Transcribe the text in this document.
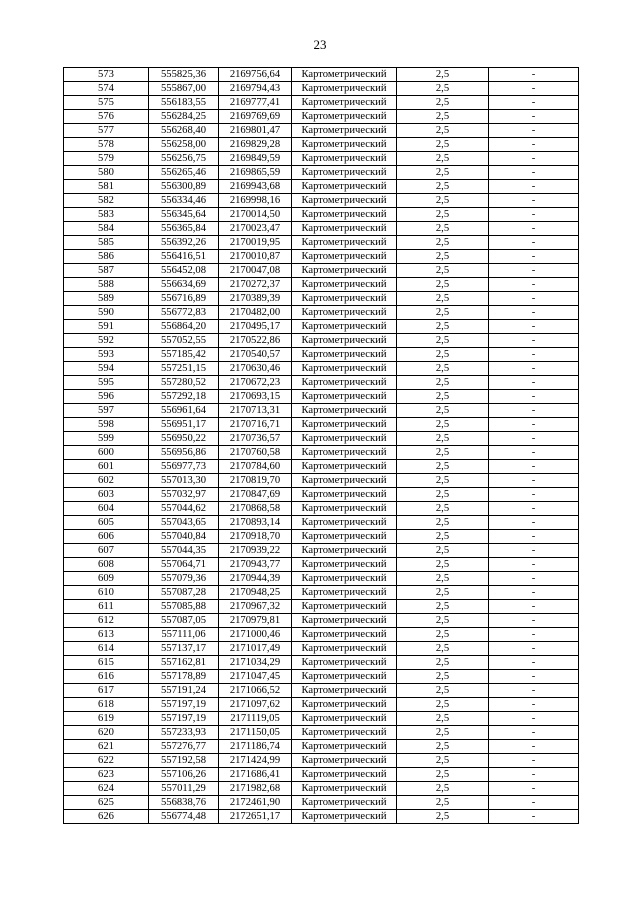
23
573	555825,36	2169756,64	Картометрический	2,5	-
574	555867,00	2169794,43	Картометрический	2,5	-
575	556183,55	2169777,41	Картометрический	2,5	-
576	556284,25	2169769,69	Картометрический	2,5	-
577	556268,40	2169801,47	Картометрический	2,5	-
578	556258,00	2169829,28	Картометрический	2,5	-
579	556256,75	2169849,59	Картометрический	2,5	-
580	556265,46	2169865,59	Картометрический	2,5	-
581	556300,89	2169943,68	Картометрический	2,5	-
582	556334,46	2169998,16	Картометрический	2,5	-
583	556345,64	2170014,50	Картометрический	2,5	-
584	556365,84	2170023,47	Картометрический	2,5	-
585	556392,26	2170019,95	Картометрический	2,5	-
586	556416,51	2170010,87	Картометрический	2,5	-
587	556452,08	2170047,08	Картометрический	2,5	-
588	556634,69	2170272,37	Картометрический	2,5	-
589	556716,89	2170389,39	Картометрический	2,5	-
590	556772,83	2170482,00	Картометрический	2,5	-
591	556864,20	2170495,17	Картометрический	2,5	-
592	557052,55	2170522,86	Картометрический	2,5	-
593	557185,42	2170540,57	Картометрический	2,5	-
594	557251,15	2170630,46	Картометрический	2,5	-
595	557280,52	2170672,23	Картометрический	2,5	-
596	557292,18	2170693,15	Картометрический	2,5	-
597	556961,64	2170713,31	Картометрический	2,5	-
598	556951,17	2170716,71	Картометрический	2,5	-
599	556950,22	2170736,57	Картометрический	2,5	-
600	556956,86	2170760,58	Картометрический	2,5	-
601	556977,73	2170784,60	Картометрический	2,5	-
602	557013,30	2170819,70	Картометрический	2,5	-
603	557032,97	2170847,69	Картометрический	2,5	-
604	557044,62	2170868,58	Картометрический	2,5	-
605	557043,65	2170893,14	Картометрический	2,5	-
606	557040,84	2170918,70	Картометрический	2,5	-
607	557044,35	2170939,22	Картометрический	2,5	-
608	557064,71	2170943,77	Картометрический	2,5	-
609	557079,36	2170944,39	Картометрический	2,5	-
610	557087,28	2170948,25	Картометрический	2,5	-
611	557085,88	2170967,32	Картометрический	2,5	-
612	557087,05	2170979,81	Картометрический	2,5	-
613	557111,06	2171000,46	Картометрический	2,5	-
614	557137,17	2171017,49	Картометрический	2,5	-
615	557162,81	2171034,29	Картометрический	2,5	-
616	557178,89	2171047,45	Картометрический	2,5	-
617	557191,24	2171066,52	Картометрический	2,5	-
618	557197,19	2171097,62	Картометрический	2,5	-
619	557197,19	2171119,05	Картометрический	2,5	-
620	557233,93	2171150,05	Картометрический	2,5	-
621	557276,77	2171186,74	Картометрический	2,5	-
622	557192,58	2171424,99	Картометрический	2,5	-
623	557106,26	2171686,41	Картометрический	2,5	-
624	557011,29	2171982,68	Картометрический	2,5	-
625	556838,76	2172461,90	Картометрический	2,5	-
626	556774,48	2172651,17	Картометрический	2,5	-
